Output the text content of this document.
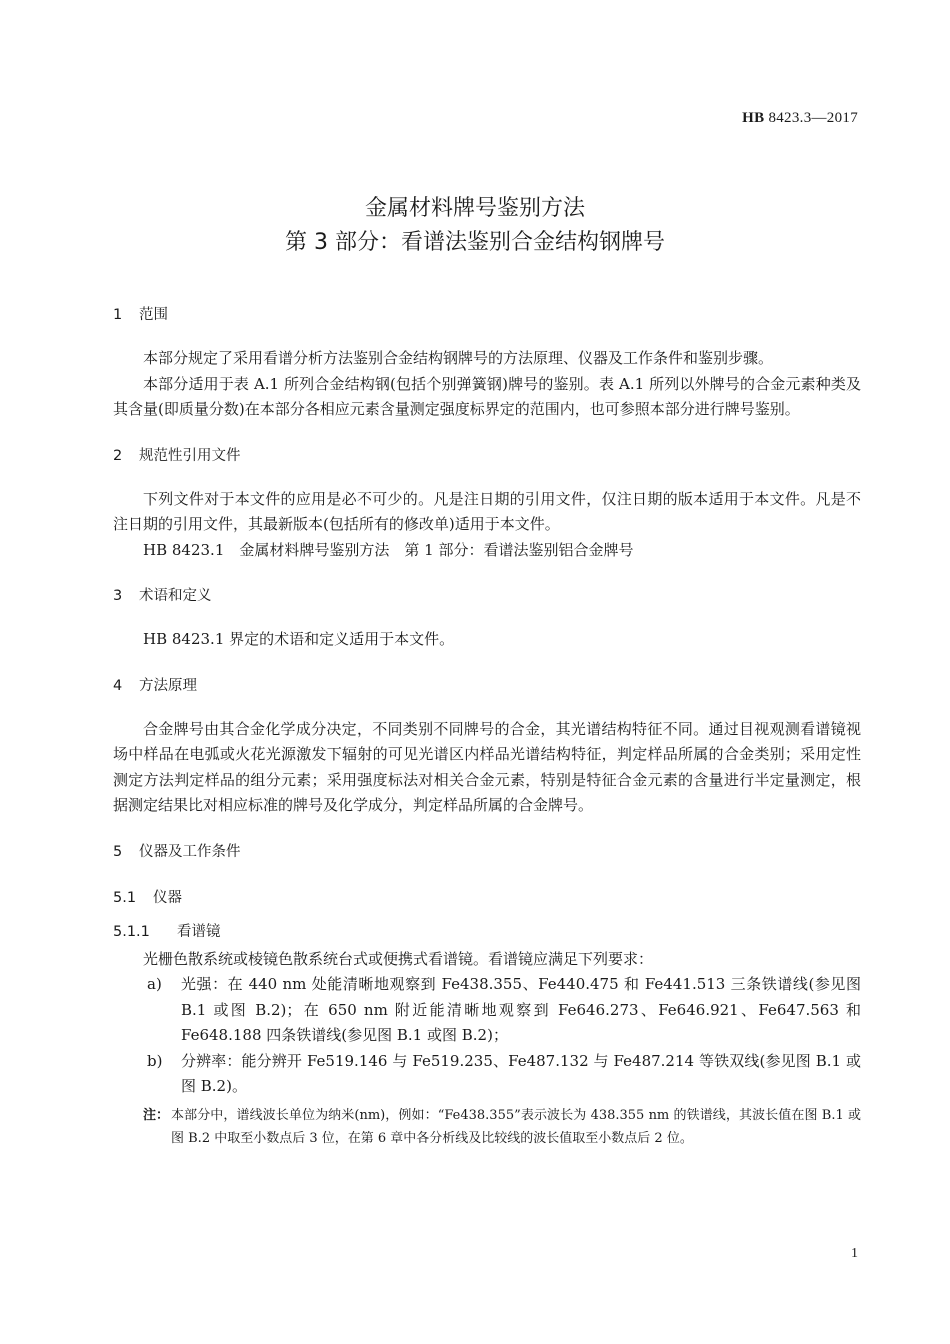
HB 8423.3—2017
金属材料牌号鉴别方法
第 3 部分：看谱法鉴别合金结构钢牌号
1 范围

本部分规定了采用看谱分析方法鉴别合金结构钢牌号的方法原理、仪器及工作条件和鉴别步骤。

本部分适用于表 A.1 所列合金结构钢(包括个别弹簧钢)牌号的鉴别。表 A.1 所列以外牌号的合金元素种类及其含量(即质量分数)在本部分各相应元素含量测定强度标界定的范围内，也可参照本部分进行牌号鉴别。

2 规范性引用文件

下列文件对于本文件的应用是必不可少的。凡是注日期的引用文件，仅注日期的版本适用于本文件。凡是不注日期的引用文件，其最新版本(包括所有的修改单)适用于本文件。

HB 8423.1　金属材料牌号鉴别方法　第 1 部分：看谱法鉴别铝合金牌号

3 术语和定义

HB 8423.1 界定的术语和定义适用于本文件。

4 方法原理

合金牌号由其合金化学成分决定，不同类别不同牌号的合金，其光谱结构特征不同。通过目视观测看谱镜视场中样品在电弧或火花光源激发下辐射的可见光谱区内样品光谱结构特征，判定样品所属的合金类别；采用定性测定方法判定样品的组分元素；采用强度标法对相关合金元素，特别是特征合金元素的含量进行半定量测定，根据测定结果比对相应标准的牌号及化学成分，判定样品所属的合金牌号。

5 仪器及工作条件
5.1 仪器
5.1.1 看谱镜

光栅色散系统或棱镜色散系统台式或便携式看谱镜。看谱镜应满足下列要求：

a) 光强：在 440 nm 处能清晰地观察到 Fe438.355、Fe440.475 和 Fe441.513 三条铁谱线(参见图 B.1 或图 B.2)；在 650 nm 附近能清晰地观察到 Fe646.273、Fe646.921、Fe647.563 和 Fe648.188 四条铁谱线(参见图 B.1 或图 B.2)；
b) 分辨率：能分辨开 Fe519.146 与 Fe519.235、Fe487.132 与 Fe487.214 等铁双线(参见图 B.1 或图 B.2)。
注： 本部分中，谱线波长单位为纳米(nm)，例如：“Fe438.355”表示波长为 438.355 nm 的铁谱线，其波长值在图 B.1 或图 B.2 中取至小数点后 3 位，在第 6 章中各分析线及比较线的波长值取至小数点后 2 位。
1
